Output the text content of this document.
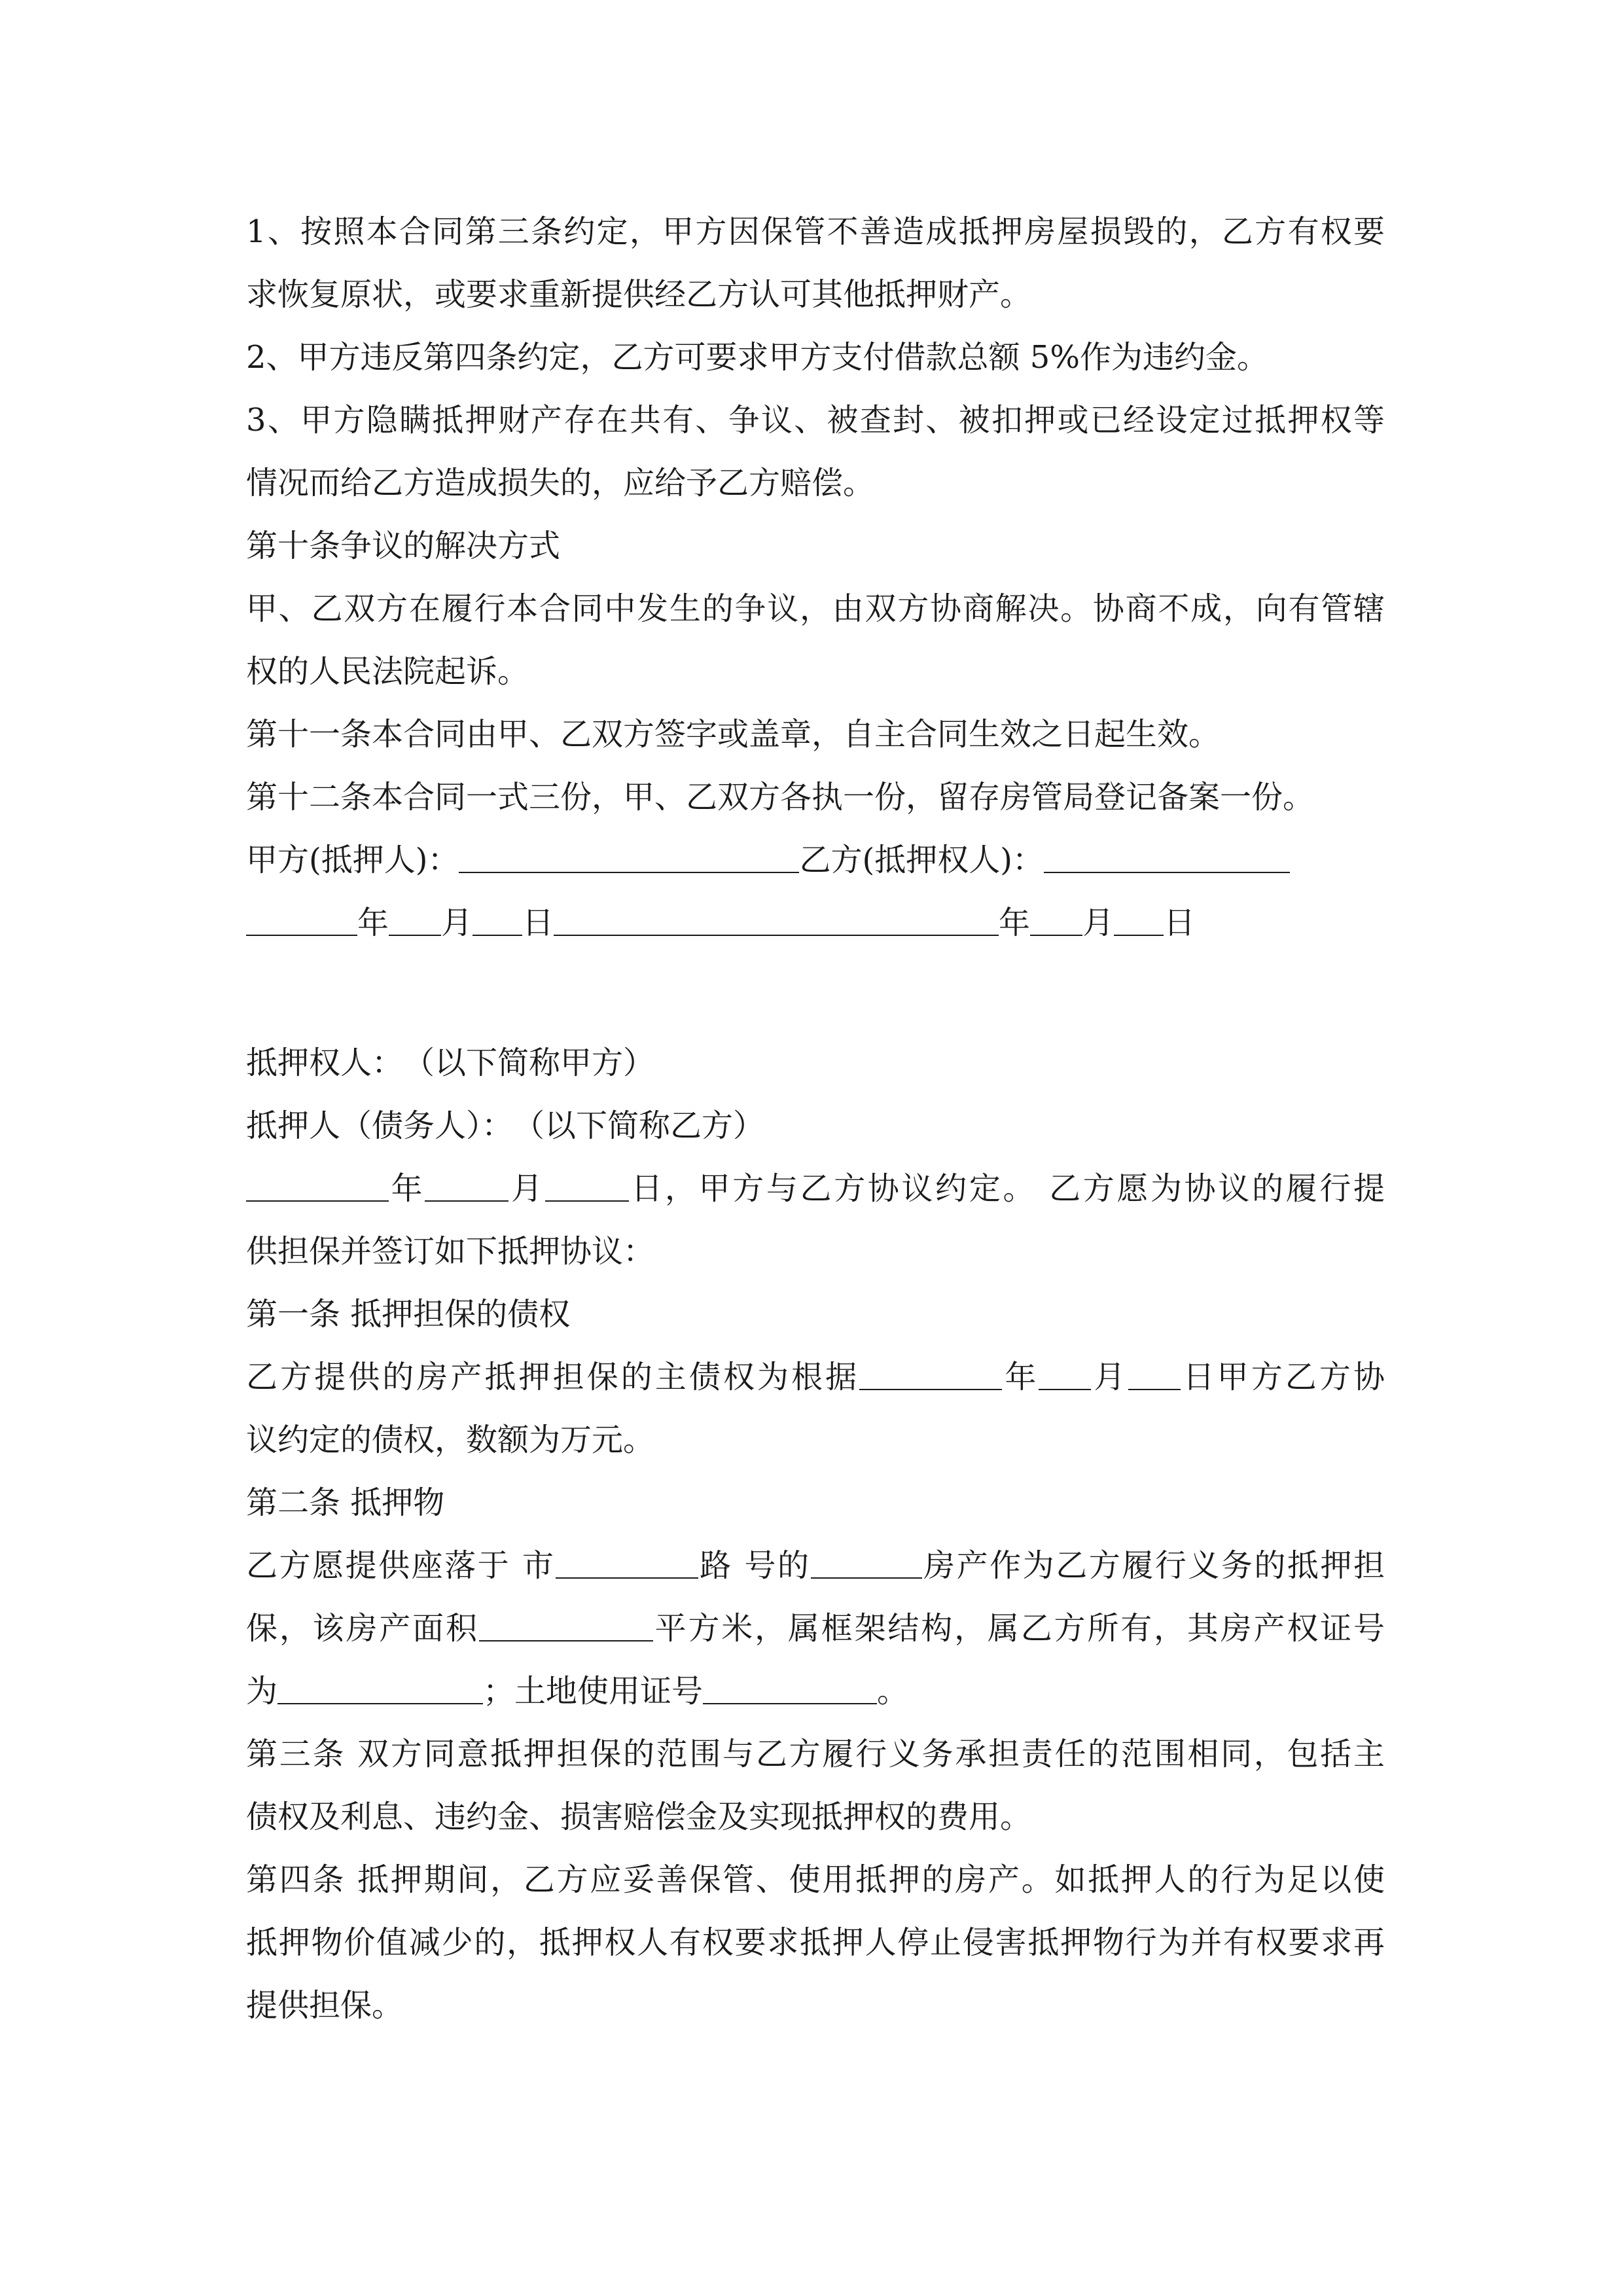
1、按照本合同第三条约定，甲方因保管不善造成抵押房屋损毁的，乙方有权要
求恢复原状，或要求重新提供经乙方认可其他抵押财产。
2、甲方违反第四条约定，乙方可要求甲方支付借款总额 5%作为违约金。
3、甲方隐瞒抵押财产存在共有、争议、被查封、被扣押或已经设定过抵押权等
情况而给乙方造成损失的，应给予乙方赔偿。
第十条争议的解决方式
甲、乙双方在履行本合同中发生的争议，由双方协商解决。协商不成，向有管辖
权的人民法院起诉。
第十一条本合同由甲、乙双方签字或盖章，自主合同生效之日起生效。
第十二条本合同一式三份，甲、乙双方各执一份，留存房管局登记备案一份。
甲方(抵押人)：	乙方(抵押权人)：
年 月 日	年 月 日
抵押权人：　（以下简称甲方）
抵押人（债务人）：　（以下简称乙方）
年	月	日，甲方与乙方协议约定。 乙方愿为协议的履行提
供担保并签订如下抵押协议：
第一条 抵押担保的债权
乙方提供的房产抵押担保的主债权为根据	年 月 日甲方乙方协
议约定的债权，数额为万元。
第二条 抵押物
乙方愿提供座落于 市	路 号的	房产作为乙方履行义务的抵押担
保，该房产面积	平方米，属框架结构，属乙方所有，其房产权证号
为	；土地使用证号	。
第三条 双方同意抵押担保的范围与乙方履行义务承担责任的范围相同，包括主
债权及利息、违约金、损害赔偿金及实现抵押权的费用。
第四条 抵押期间，乙方应妥善保管、使用抵押的房产。如抵押人的行为足以使
抵押物价值减少的，抵押权人有权要求抵押人停止侵害抵押物行为并有权要求再
提供担保。
